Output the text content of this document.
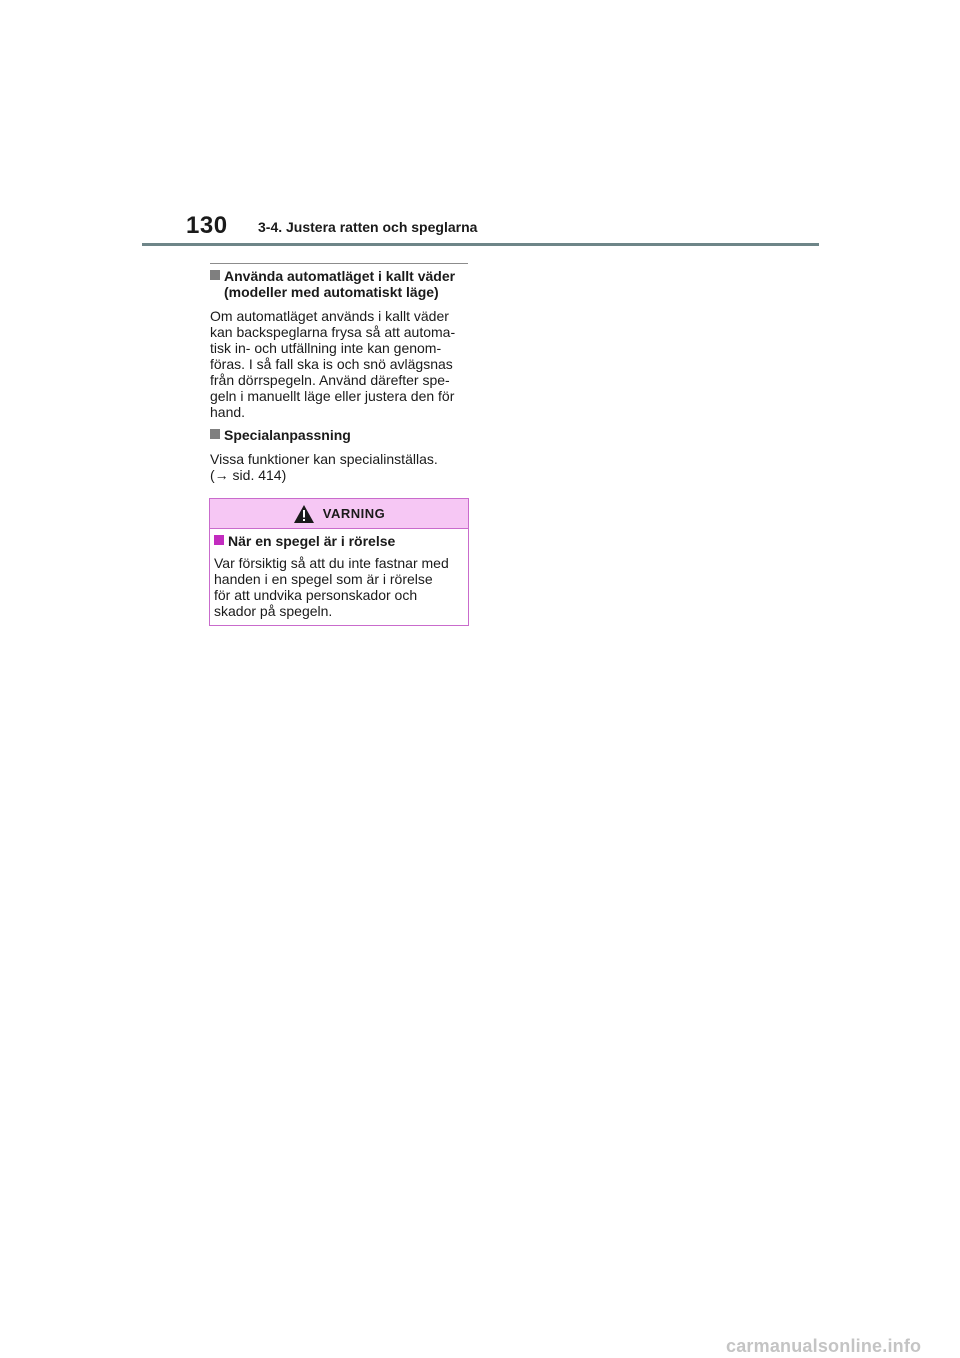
130 3-4. Justera ratten och speglarna
Använda automatläget i kallt väder (modeller med automatiskt läge)
Om automatläget används i kallt väder
kan backspeglarna frysa så att automa-
tisk in- och utfällning inte kan genom-
föras. I så fall ska is och snö avlägsnas
från dörrspegeln. Använd därefter spe-
geln i manuellt läge eller justera den för
hand.
Specialanpassning
Vissa funktioner kan specialinställas.
(→ sid. 414)
VARNING
När en spegel är i rörelse
Var försiktig så att du inte fastnar med
handen i en spegel som är i rörelse
för att undvika personskador och
skador på spegeln.
carmanualsonline.info
